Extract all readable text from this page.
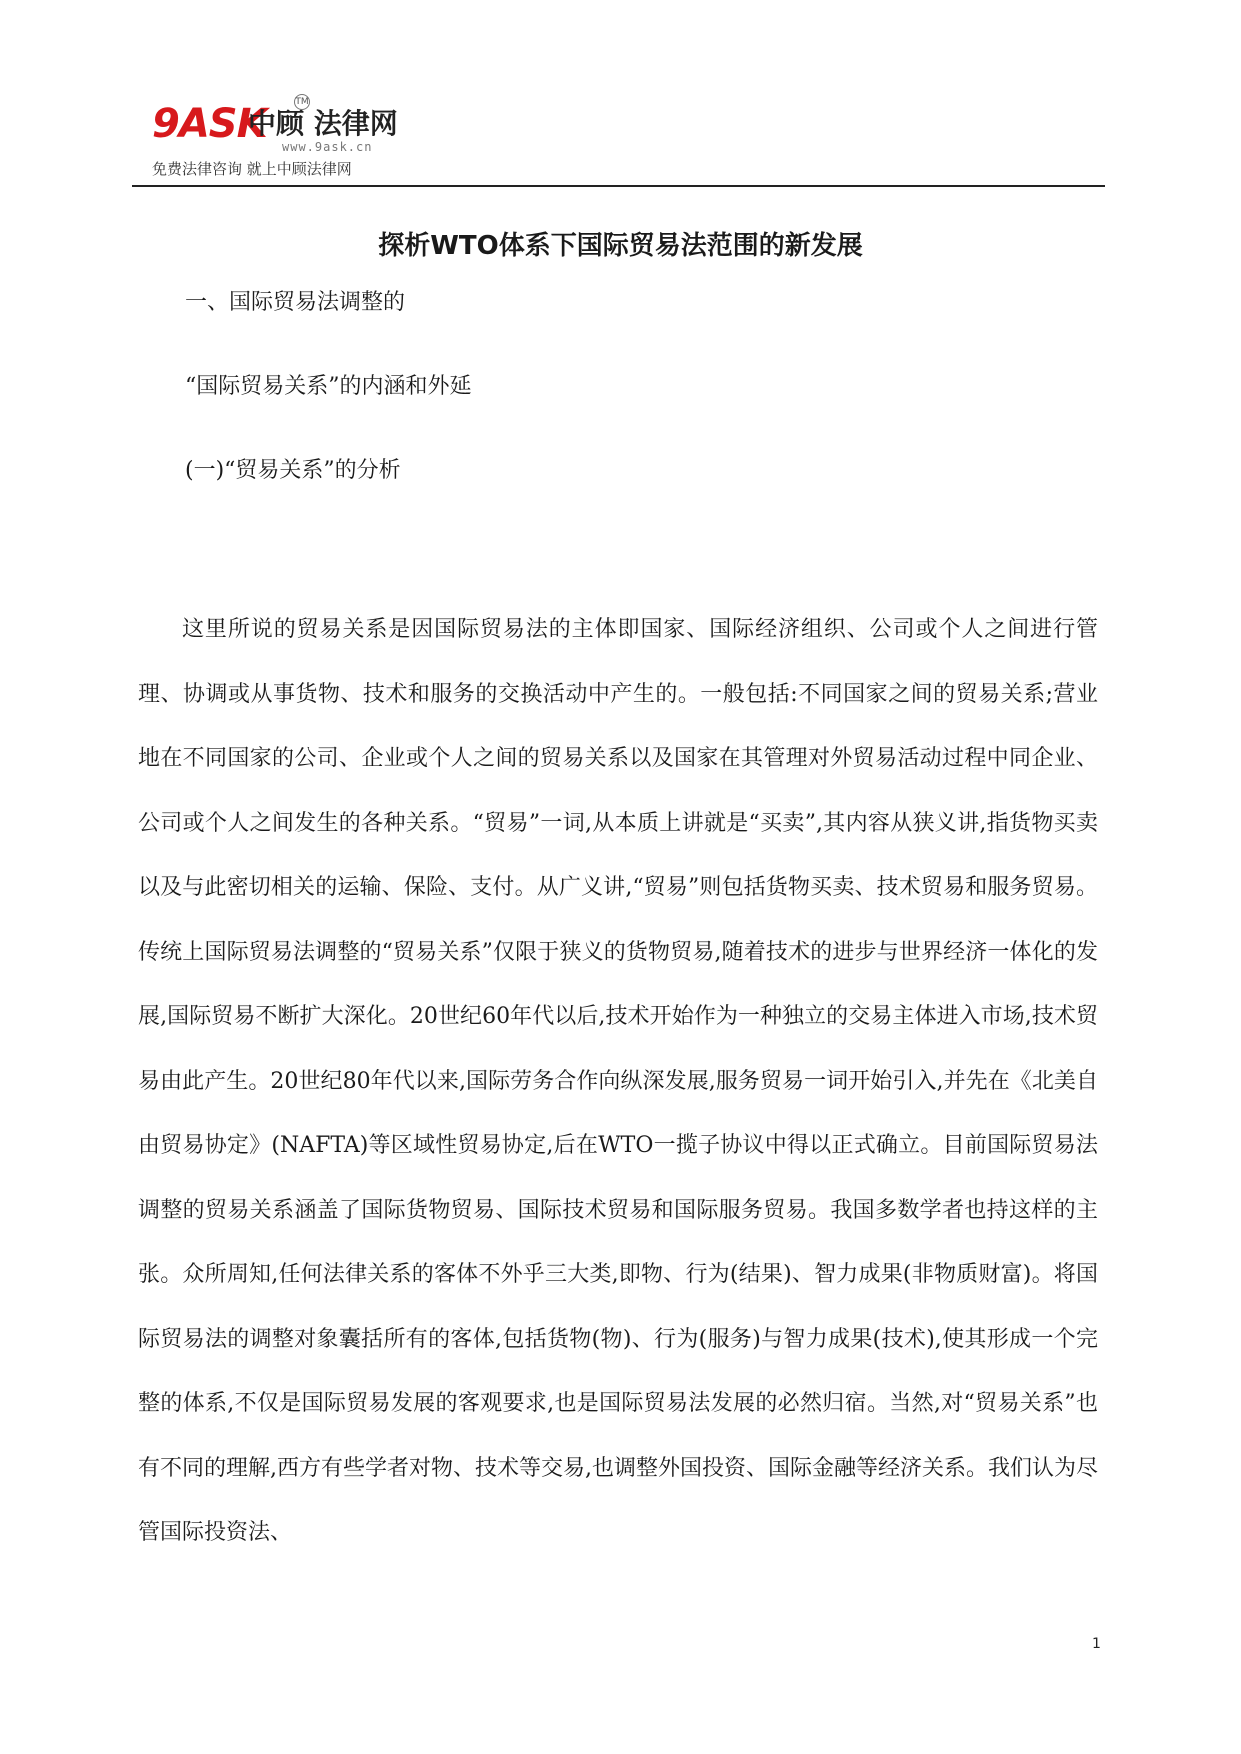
9ASK
中顾 法律网
TM
www.9ask.cn
免费法律咨询 就上中顾法律网
探析WTO体系下国际贸易法范围的新发展
一、国际贸易法调整的
“国际贸易关系”的内涵和外延
(一)“贸易关系”的分析

这里所说的贸易关系是因国际贸易法的主体即国家、国际经济组织、公司或个人之间进行管理、协调或从事货物、技术和服务的交换活动中产生的。一般包括:不同国家之间的贸易关系;营业地在不同国家的公司、企业或个人之间的贸易关系以及国家在其管理对外贸易活动过程中同企业、公司或个人之间发生的各种关系。“贸易”一词,从本质上讲就是“买卖”,其内容从狭义讲,指货物买卖以及与此密切相关的运输、保险、支付。从广义讲,“贸易”则包括货物买卖、技术贸易和服务贸易。传统上国际贸易法调整的“贸易关系”仅限于狭义的货物贸易,随着技术的进步与世界经济一体化的发展,国际贸易不断扩大深化。20世纪60年代以后,技术开始作为一种独立的交易主体进入市场,技术贸易由此产生。20世纪80年代以来,国际劳务合作向纵深发展,服务贸易一词开始引入,并先在《北美自由贸易协定》(NAFTA)等区域性贸易协定,后在WTO一揽子协议中得以正式确立。目前国际贸易法调整的贸易关系涵盖了国际货物贸易、国际技术贸易和国际服务贸易。我国多数学者也持这样的主张。众所周知,任何法律关系的客体不外乎三大类,即物、行为(结果)、智力成果(非物质财富)。将国际贸易法的调整对象囊括所有的客体,包括货物(物)、行为(服务)与智力成果(技术),使其形成一个完整的体系,不仅是国际贸易发展的客观要求,也是国际贸易法发展的必然归宿。当然,对“贸易关系”也有不同的理解,西方有些学者对物、技术等交易,也调整外国投资、国际金融等经济关系。我们认为尽管国际投资法、

1
